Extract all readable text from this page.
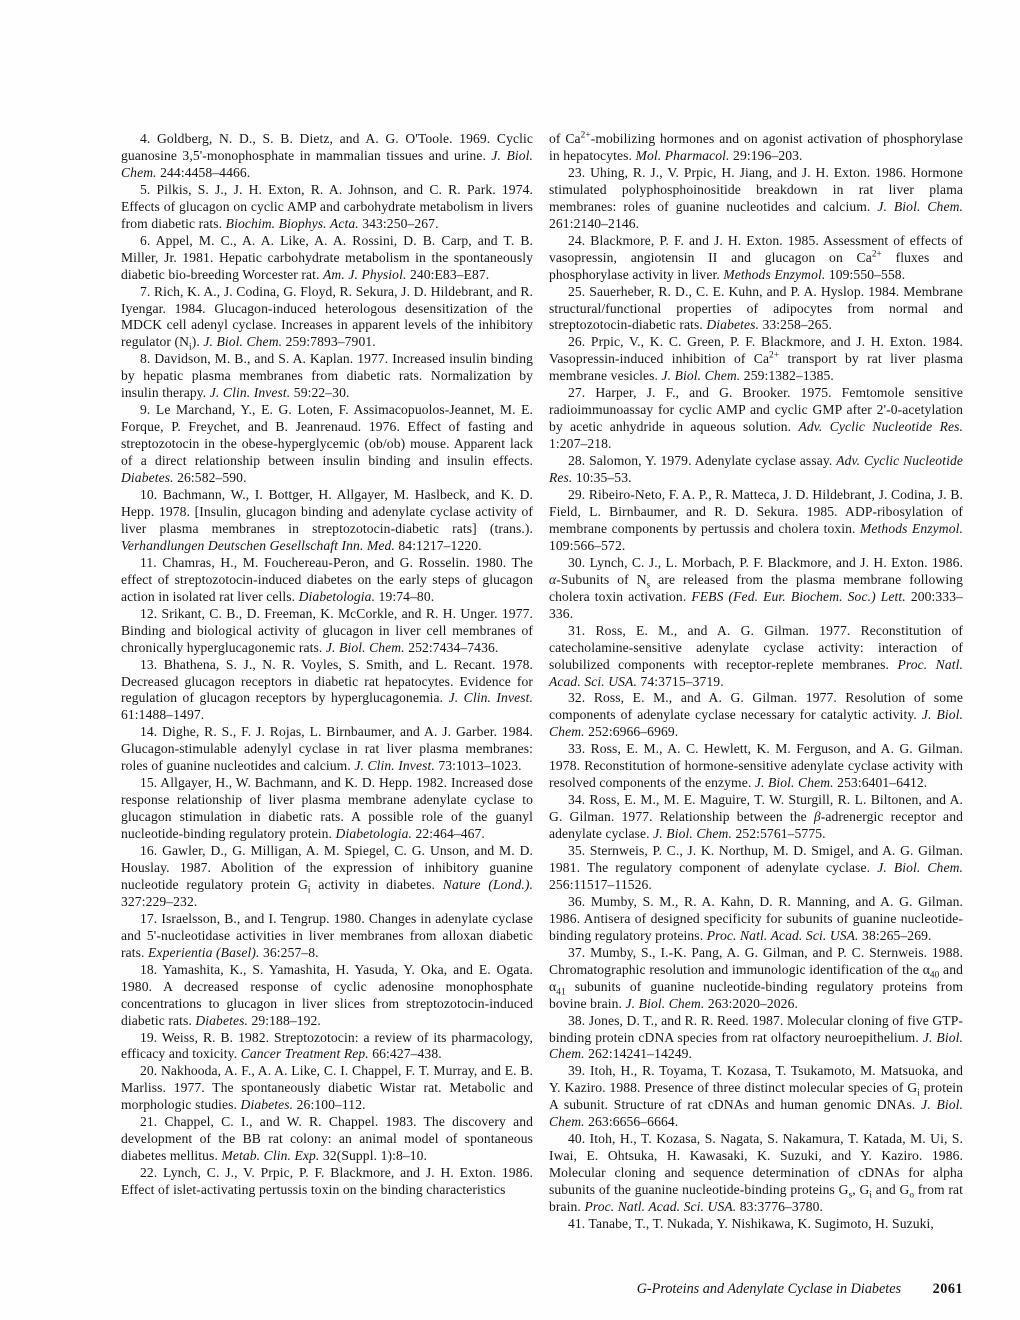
4. Goldberg, N. D., S. B. Dietz, and A. G. O'Toole. 1969. Cyclic guanosine 3,5'-monophosphate in mammalian tissues and urine. J. Biol. Chem. 244:4458–4466.

5. Pilkis, S. J., J. H. Exton, R. A. Johnson, and C. R. Park. 1974. Effects of glucagon on cyclic AMP and carbohydrate metabolism in livers from diabetic rats. Biochim. Biophys. Acta. 343:250–267.

6. Appel, M. C., A. A. Like, A. A. Rossini, D. B. Carp, and T. B. Miller, Jr. 1981. Hepatic carbohydrate metabolism in the spontaneously diabetic bio-breeding Worcester rat. Am. J. Physiol. 240:E83–E87.

7. Rich, K. A., J. Codina, G. Floyd, R. Sekura, J. D. Hildebrant, and R. Iyengar. 1984. Glucagon-induced heterologous desensitization of the MDCK cell adenyl cyclase. Increases in apparent levels of the inhibitory regulator $(N_i)$. J. Biol. Chem. 259:7893–7901.

8. Davidson, M. B., and S. A. Kaplan. 1977. Increased insulin binding by hepatic plasma membranes from diabetic rats. Normalization by insulin therapy. J. Clin. Invest. 59:22–30.

9. Le Marchand, Y., E. G. Loten, F. Assimacopuolos-Jeannet, M. E. Forque, P. Freychet, and B. Jeanrenaud. 1976. Effect of fasting and streptozotocin in the obese-hyperglycemic (ob/ob) mouse. Apparent lack of a direct relationship between insulin binding and insulin effects. Diabetes. 26:582–590.

10. Bachmann, W., I. Bottger, H. Allgayer, M. Haslbeck, and K. D. Hepp. 1978. [Insulin, glucagon binding and adenylate cyclase activity of liver plasma membranes in streptozotocin-diabetic rats] (trans.). Verhandlungen Deutschen Gesellschaft Inn. Med. 84:1217–1220.

11. Chamras, H., M. Fouchereau-Peron, and G. Rosselin. 1980. The effect of streptozotocin-induced diabetes on the early steps of glucagon action in isolated rat liver cells. Diabetologia. 19:74–80.

12. Srikant, C. B., D. Freeman, K. McCorkle, and R. H. Unger. 1977. Binding and biological activity of glucagon in liver cell membranes of chronically hyperglucagonemic rats. J. Biol. Chem. 252:7434–7436.

13. Bhathena, S. J., N. R. Voyles, S. Smith, and L. Recant. 1978. Decreased glucagon receptors in diabetic rat hepatocytes. Evidence for regulation of glucagon receptors by hyperglucagonemia. J. Clin. Invest. 61:1488–1497.

14. Dighe, R. S., F. J. Rojas, L. Birnbaumer, and A. J. Garber. 1984. Glucagon-stimulable adenylyl cyclase in rat liver plasma membranes: roles of guanine nucleotides and calcium. J. Clin. Invest. 73:1013–1023.

15. Allgayer, H., W. Bachmann, and K. D. Hepp. 1982. Increased dose response relationship of liver plasma membrane adenylate cyclase to glucagon stimulation in diabetic rats. A possible role of the guanyl nucleotide-binding regulatory protein. Diabetologia. 22:464–467.

16. Gawler, D., G. Milligan, A. M. Spiegel, C. G. Unson, and M. D. Houslay. 1987. Abolition of the expression of inhibitory guanine nucleotide regulatory protein $G_i$ activity in diabetes. Nature (Lond.). 327:229–232.

17. Israelsson, B., and I. Tengrup. 1980. Changes in adenylate cyclase and 5'-nucleotidase activities in liver membranes from alloxan diabetic rats. Experientia (Basel). 36:257–8.

18. Yamashita, K., S. Yamashita, H. Yasuda, Y. Oka, and E. Ogata. 1980. A decreased response of cyclic adenosine monophosphate concentrations to glucagon in liver slices from streptozotocin-induced diabetic rats. Diabetes. 29:188–192.

19. Weiss, R. B. 1982. Streptozotocin: a review of its pharmacology, efficacy and toxicity. Cancer Treatment Rep. 66:427–438.

20. Nakhooda, A. F., A. A. Like, C. I. Chappel, F. T. Murray, and E. B. Marliss. 1977. The spontaneously diabetic Wistar rat. Metabolic and morphologic studies. Diabetes. 26:100–112.

21. Chappel, C. I., and W. R. Chappel. 1983. The discovery and development of the BB rat colony: an animal model of spontaneous diabetes mellitus. Metab. Clin. Exp. 32(Suppl. 1):8–10.

22. Lynch, C. J., V. Prpic, P. F. Blackmore, and J. H. Exton. 1986. Effect of islet-activating pertussis toxin on the binding characteristics

of $Ca^{2+}$-mobilizing hormones and on agonist activation of phosphorylase in hepatocytes. Mol. Pharmacol. 29:196–203.

23. Uhing, R. J., V. Prpic, H. Jiang, and J. H. Exton. 1986. Hormone stimulated polyphosphoinositide breakdown in rat liver plama membranes: roles of guanine nucleotides and calcium. J. Biol. Chem. 261:2140–2146.

24. Blackmore, P. F. and J. H. Exton. 1985. Assessment of effects of vasopressin, angiotensin II and glucagon on $Ca^{2+}$ fluxes and phosphorylase activity in liver. Methods Enzymol. 109:550–558.

25. Sauerheber, R. D., C. E. Kuhn, and P. A. Hyslop. 1984. Membrane structural/functional properties of adipocytes from normal and streptozotocin-diabetic rats. Diabetes. 33:258–265.

26. Prpic, V., K. C. Green, P. F. Blackmore, and J. H. Exton. 1984. Vasopressin-induced inhibition of $Ca^{2+}$ transport by rat liver plasma membrane vesicles. J. Biol. Chem. 259:1382–1385.

27. Harper, J. F., and G. Brooker. 1975. Femtomole sensitive radioimmunoassay for cyclic AMP and cyclic GMP after 2'-0-acetylation by acetic anhydride in aqueous solution. Adv. Cyclic Nucleotide Res. 1:207–218.

28. Salomon, Y. 1979. Adenylate cyclase assay. Adv. Cyclic Nucleotide Res. 10:35–53.

29. Ribeiro-Neto, F. A. P., R. Matteca, J. D. Hildebrant, J. Codina, J. B. Field, L. Birnbaumer, and R. D. Sekura. 1985. ADP-ribosylation of membrane components by pertussis and cholera toxin. Methods Enzymol. 109:566–572.

30. Lynch, C. J., L. Morbach, P. F. Blackmore, and J. H. Exton. 1986. α-Subunits of $N_s$ are released from the plasma membrane following cholera toxin activation. FEBS (Fed. Eur. Biochem. Soc.) Lett. 200:333–336.

31. Ross, E. M., and A. G. Gilman. 1977. Reconstitution of catecholamine-sensitive adenylate cyclase activity: interaction of solubilized components with receptor-replete membranes. Proc. Natl. Acad. Sci. USA. 74:3715–3719.

32. Ross, E. M., and A. G. Gilman. 1977. Resolution of some components of adenylate cyclase necessary for catalytic activity. J. Biol. Chem. 252:6966–6969.

33. Ross, E. M., A. C. Hewlett, K. M. Ferguson, and A. G. Gilman. 1978. Reconstitution of hormone-sensitive adenylate cyclase activity with resolved components of the enzyme. J. Biol. Chem. 253:6401–6412.

34. Ross, E. M., M. E. Maguire, T. W. Sturgill, R. L. Biltonen, and A. G. Gilman. 1977. Relationship between the β-adrenergic receptor and adenylate cyclase. J. Biol. Chem. 252:5761–5775.

35. Sternweis, P. C., J. K. Northup, M. D. Smigel, and A. G. Gilman. 1981. The regulatory component of adenylate cyclase. J. Biol. Chem. 256:11517–11526.

36. Mumby, S. M., R. A. Kahn, D. R. Manning, and A. G. Gilman. 1986. Antisera of designed specificity for subunits of guanine nucleotide-binding regulatory proteins. Proc. Natl. Acad. Sci. USA. 38:265–269.

37. Mumby, S., I.-K. Pang, A. G. Gilman, and P. C. Sternweis. 1988. Chromatographic resolution and immunologic identification of the $\alpha_{40}$ and $\alpha_{41}$ subunits of guanine nucleotide-binding regulatory proteins from bovine brain. J. Biol. Chem. 263:2020–2026.

38. Jones, D. T., and R. R. Reed. 1987. Molecular cloning of five GTP-binding protein cDNA species from rat olfactory neuroepithelium. J. Biol. Chem. 262:14241–14249.

39. Itoh, H., R. Toyama, T. Kozasa, T. Tsukamoto, M. Matsuoka, and Y. Kaziro. 1988. Presence of three distinct molecular species of $G_i$ protein A subunit. Structure of rat cDNAs and human genomic DNAs. J. Biol. Chem. 263:6656–6664.

40. Itoh, H., T. Kozasa, S. Nagata, S. Nakamura, T. Katada, M. Ui, S. Iwai, E. Ohtsuka, H. Kawasaki, K. Suzuki, and Y. Kaziro. 1986. Molecular cloning and sequence determination of cDNAs for alpha subunits of the guanine nucleotide-binding proteins $G_s$, $G_i$ and $G_o$ from rat brain. Proc. Natl. Acad. Sci. USA. 83:3776–3780.

41. Tanabe, T., T. Nukada, Y. Nishikawa, K. Sugimoto, H. Suzuki,

G-Proteins and Adenylate Cyclase in Diabetes 2061
